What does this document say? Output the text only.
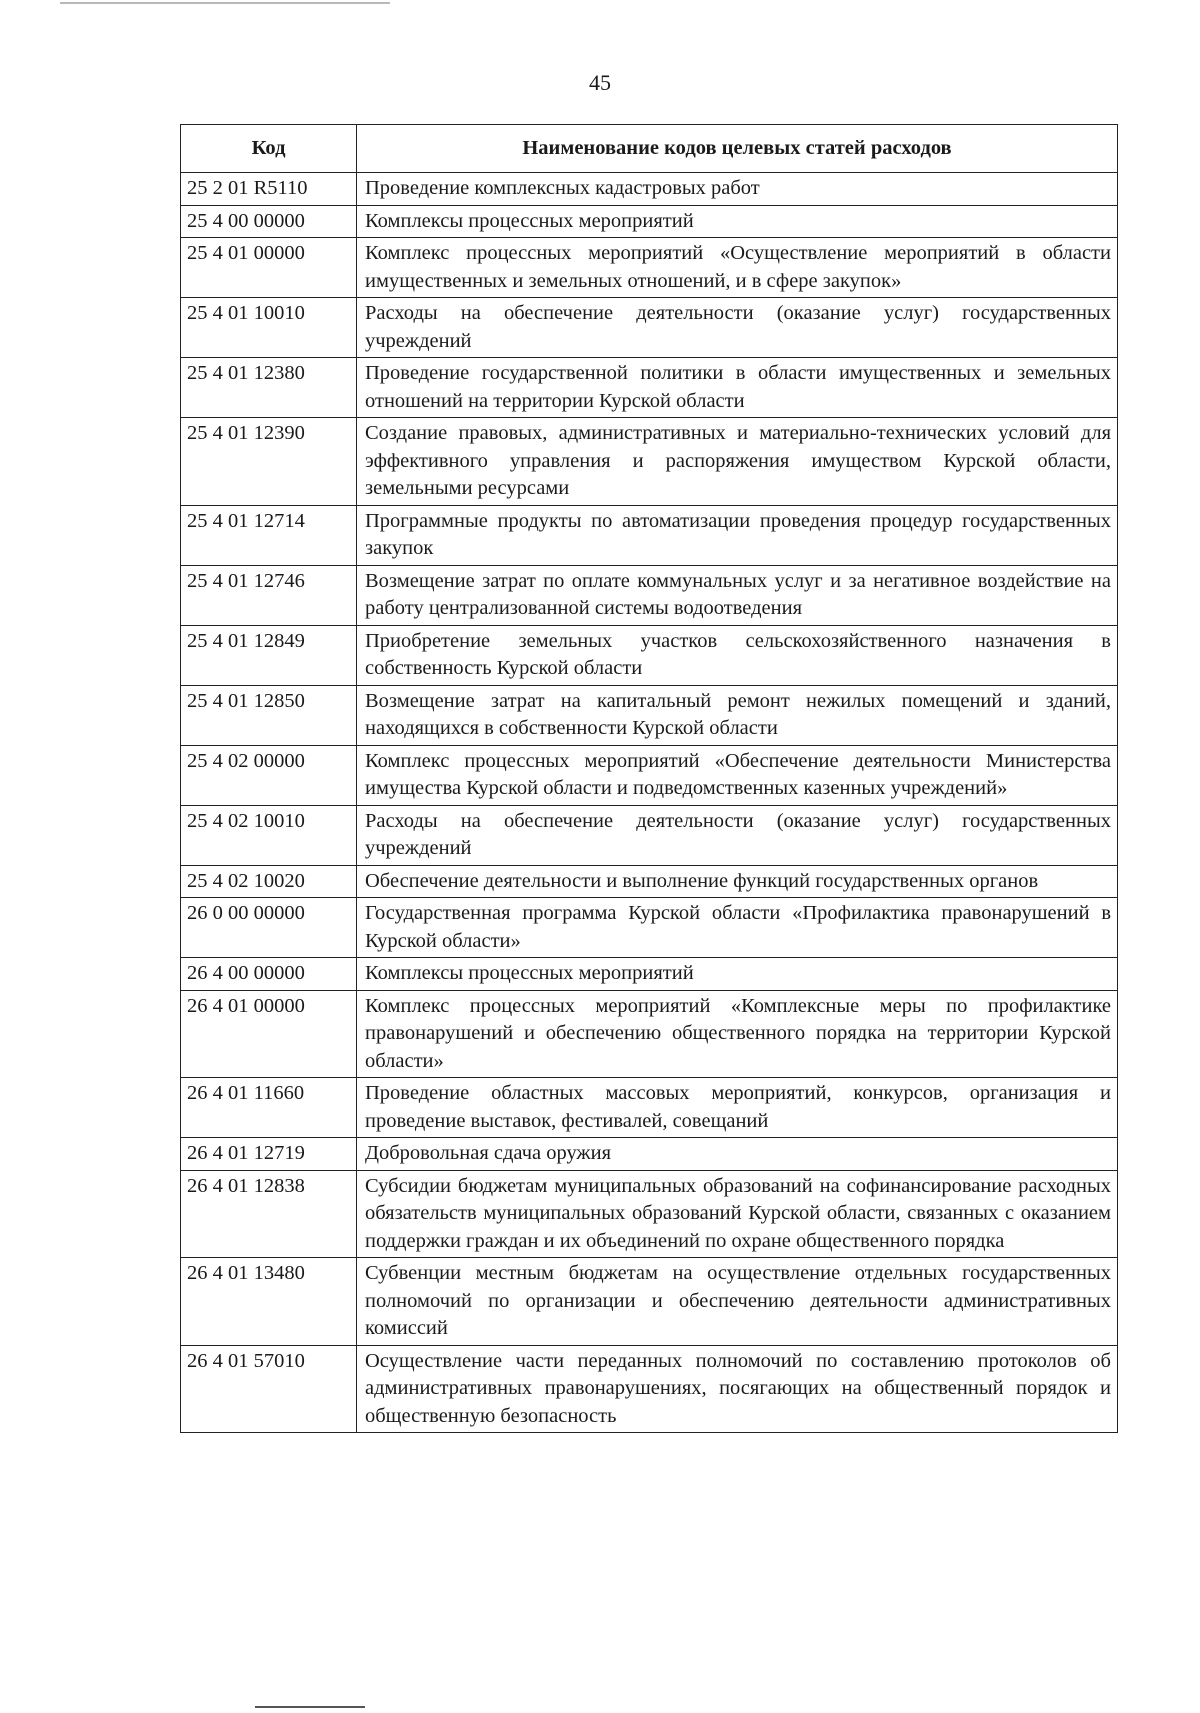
45
Код	Наименование кодов целевых статей расходов
25 2 01 R5110	Проведение комплексных кадастровых работ
25 4 00 00000	Комплексы процессных мероприятий
25 4 01 00000	Комплекс процессных мероприятий «Осуществление мероприятий в области имущественных и земельных отношений, и в сфере закупок»
25 4 01 10010	Расходы на обеспечение деятельности (оказание услуг) государственных учреждений
25 4 01 12380	Проведение государственной политики в области имущественных и земельных отношений на территории Курской области
25 4 01 12390	Создание правовых, административных и материально-технических условий для эффективного управления и распоряжения имуществом Курской области, земельными ресурсами
25 4 01 12714	Программные продукты по автоматизации проведения процедур государственных закупок
25 4 01 12746	Возмещение затрат по оплате коммунальных услуг и за негативное воздействие на работу централизованной системы водоотведения
25 4 01 12849	Приобретение земельных участков сельскохозяйственного назначения в собственность Курской области
25 4 01 12850	Возмещение затрат на капитальный ремонт нежилых помещений и зданий, находящихся в собственности Курской области
25 4 02 00000	Комплекс процессных мероприятий «Обеспечение деятельности Министерства имущества Курской области и подведомственных казенных учреждений»
25 4 02 10010	Расходы на обеспечение деятельности (оказание услуг) государственных учреждений
25 4 02 10020	Обеспечение деятельности и выполнение функций государственных органов
26 0 00 00000	Государственная программа Курской области «Профилактика правонарушений в Курской области»
26 4 00 00000	Комплексы процессных мероприятий
26 4 01 00000	Комплекс процессных мероприятий «Комплексные меры по профилактике правонарушений и обеспечению общественного порядка на территории Курской области»
26 4 01 11660	Проведение областных массовых мероприятий, конкурсов, организация и проведение выставок, фестивалей, совещаний
26 4 01 12719	Добровольная сдача оружия
26 4 01 12838	Субсидии бюджетам муниципальных образований на софинансирование расходных обязательств муниципальных образований Курской области, связанных с оказанием поддержки граждан и их объединений по охране общественного порядка
26 4 01 13480	Субвенции местным бюджетам на осуществление отдельных государственных полномочий по организации и обеспечению деятельности административных комиссий
26 4 01 57010	Осуществление части переданных полномочий по составлению протоколов об административных правонарушениях, посягающих на общественный порядок и общественную безопасность
